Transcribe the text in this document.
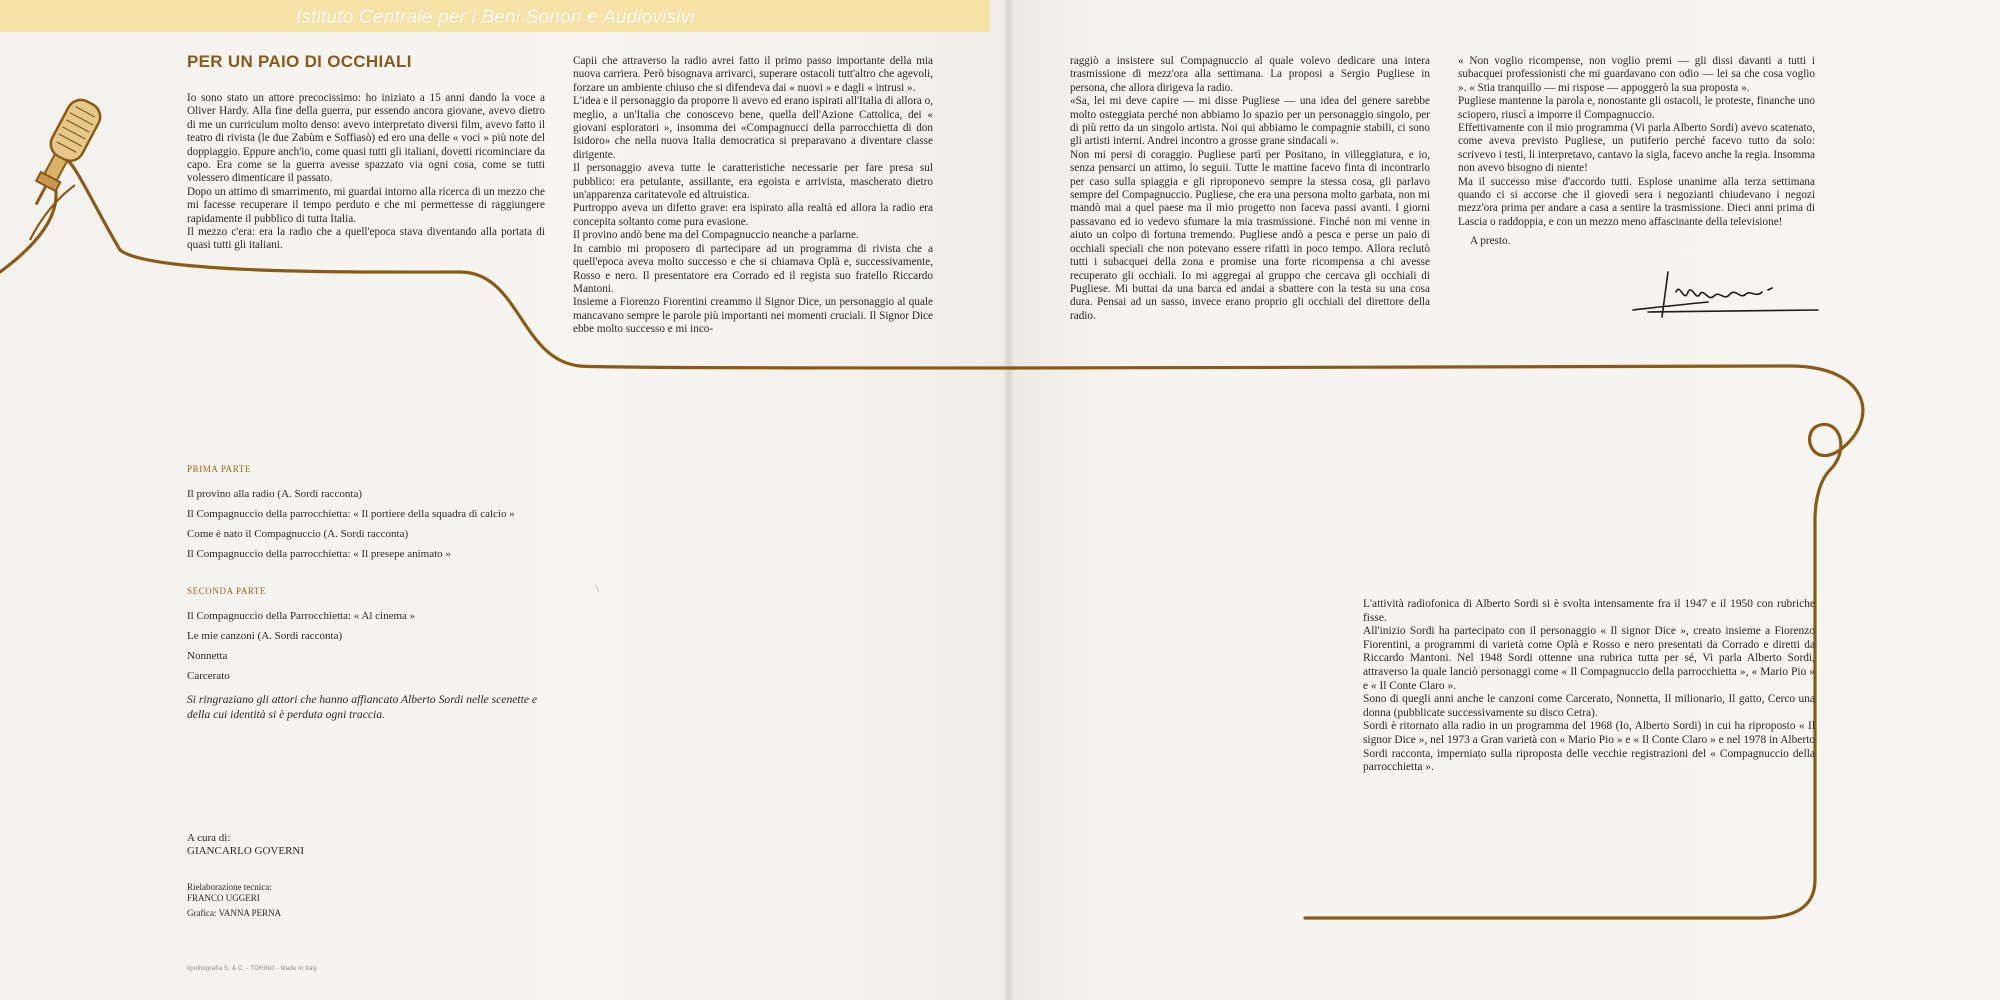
Istituto Centrale per i Beni Sonori e Audiovisivi
PER UN PAIO DI OCCHIALI

Io sono stato un attore precocissimo: ho iniziato a 15 anni dando la voce a Oliver Hardy. Alla fine della guerra, pur essendo ancora giovane, avevo dietro di me un curriculum molto denso: avevo interpretato diversi film, avevo fatto il teatro di rivista (le due Zabùm e Soffiasò) ed ero una delle « voci » più note del doppiaggio. Eppure anch'io, come quasi tutti gli italiani, dovetti ricominciare da capo. Era come se la guerra avesse spazzato via ogni cosa, come se tutti volessero dimenticare il passato.

Dopo un attimo di smarrimento, mi guardai intorno alla ricerca di un mezzo che mi facesse recuperare il tempo perduto e che mi permettesse di raggiungere rapidamente il pubblico di tutta Italia.

Il mezzo c'era: era la radio che a quell'epoca stava diventando alla portata di quasi tutti gli italiani.

Capii che attraverso la radio avrei fatto il primo passo importante della mia nuova carriera. Però bisognava arrivarci, superare ostacoli tutt'altro che agevoli, forzare un ambiente chiuso che si difendeva dai « nuovi » e dagli « intrusi ».

L'idea e il personaggio da proporre li avevo ed erano ispirati all'Italia di allora o, meglio, a un'Italia che conoscevo bene, quella dell'Azione Cattolica, dei « giovani esploratori », insomma dei «Compagnucci della parrocchietta di don Isidoro» che nella nuova Italia democratica si preparavano a diventare classe dirigente.

Il personaggio aveva tutte le caratteristiche necessarie per fare presa sul pubblico: era petulante, assillante, era egoista e arrivista, mascherato dietro un'apparenza caritatevole ed altruistica.

Purtroppo aveva un difetto grave: era ispirato alla realtà ed allora la radio era concepita soltanto come pura evasione.

Il provino andò bene ma del Compagnuccio neanche a parlarne.

In cambio mi proposero di partecipare ad un programma di rivista che a quell'epoca aveva molto successo e che si chiamava Oplà e, successivamente, Rosso e nero. Il presentatore era Corrado ed il regista suo fratello Riccardo Mantoni.

Insieme a Fiorenzo Fiorentini creammo il Signor Dice, un personaggio al quale mancavano sempre le parole più importanti nei momenti cruciali. Il Signor Dice ebbe molto successo e mi inco-

raggiò a insistere sul Compagnuccio al quale volevo dedicare una intera trasmissione di mezz'ora alla settimana. La proposi a Sergio Pugliese in persona, che allora dirigeva la radio.

«Sa, lei mi deve capire — mi disse Pugliese — una idea del genere sarebbe molto osteggiata perché non abbiamo lo spazio per un personaggio singolo, per di più retto da un singolo artista. Noi qui abbiamo le compagnie stabili, ci sono gli artisti interni. Andrei incontro a grosse grane sindacali ».

Non mi persi di coraggio. Pugliese partì per Positano, in villeggiatura, e io, senza pensarci un attimo, lo seguii. Tutte le mattine facevo finta di incontrarlo per caso sulla spiaggia e gli riproponevo sempre la stessa cosa, gli parlavo sempre del Compagnuccio. Pugliese, che era una persona molto garbata, non mi mandò mai a quel paese ma il mio progetto non faceva passi avanti. I giorni passavano ed io vedevo sfumare la mia trasmissione. Finché non mi venne in aiuto un colpo di fortuna tremendo. Pugliese andò a pesca e perse un paio di occhiali speciali che non potevano essere rifatti in poco tempo. Allora reclutò tutti i subacquei della zona e promise una forte ricompensa a chi avesse recuperato gli occhiali. Io mi aggregai al gruppo che cercava gli occhiali di Pugliese. Mi buttai da una barca ed andai a sbattere con la testa su una cosa dura. Pensai ad un sasso, invece erano proprio gli occhiali del direttore della radio.

« Non voglio ricompense, non voglio premi — gli dissi davanti a tutti i subacquei professionisti che mi guardavano con odio — lei sa che cosa voglio ». « Stia tranquillo — mi rispose — appoggerò la sua proposta ».

Pugliese mantenne la parola e, nonostante gli ostacoli, le proteste, finanche uno sciopero, riuscì a imporre il Compagnuccio.

Effettivamente con il mio programma (Vi parla Alberto Sordi) avevo scatenato, come aveva previsto Pugliese, un putiferio perché facevo tutto da solo: scrivevo i testi, li interpretavo, cantavo la sigla, facevo anche la regia. Insomma non avevo bisogno di niente!

Ma il successo mise d'accordo tutti. Esplose unanime alla terza settimana quando ci si accorse che il giovedì sera i negozianti chiudevano i negozi mezz'ora prima per andare a casa a sentire la trasmissione. Dieci anni prima di Lascia o raddoppia, e con un mezzo meno affascinante della televisione!

A presto.

\
PRIMA PARTE
Il provino alla radio (A. Sordi racconta)
Il Compagnuccio della parrocchietta: « Il portiere della squadra di calcio »
Come è nato il Compagnuccio (A. Sordi racconta)
Il Compagnuccio della parrocchietta: « Il presepe animato »
SECONDA PARTE
Il Compagnuccio della Parrocchietta: « Al cinema »
Le mie canzoni (A. Sordi racconta)
Nonnetta
Carcerato
Si ringraziano gli attori che hanno affiancato Alberto Sordi nelle scenette e della cui identità si è perduta ogni traccia.
A cura di:
GIANCARLO GOVERNI
Rielaborazione tecnica:
FRANCO UGGERI
Grafica: VANNA PERNA
tipolitografia S. & C. - TORINO - Made in Italy

L'attività radiofonica di Alberto Sordi si è svolta intensamente fra il 1947 e il 1950 con rubriche fisse.

All'inizio Sordi ha partecipato con il personaggio « Il signor Dice », creato insieme a Fiorenzo Fiorentini, a programmi di varietà come Oplà e Rosso e nero presentati da Corrado e diretti da Riccardo Mantoni. Nel 1948 Sordi ottenne una rubrica tutta per sé, Vi parla Alberto Sordi, attraverso la quale lanciò personaggi come « Il Compagnuccio della parrocchietta », « Mario Pio » e « Il Conte Claro ».

Sono di quegli anni anche le canzoni come Carcerato, Nonnetta, Il milionario, Il gatto, Cerco una donna (pubblicate successivamente su disco Cetra).

Sordi è ritornato alla radio in un programma del 1968 (Io, Alberto Sordi) in cui ha riproposto « Il signor Dice », nel 1973 a Gran varietà con « Mario Pio » e « Il Conte Claro » e nel 1978 in Alberto Sordi racconta, imperniato sulla riproposta delle vecchie registrazioni del « Compagnuccio della parrocchietta ».
